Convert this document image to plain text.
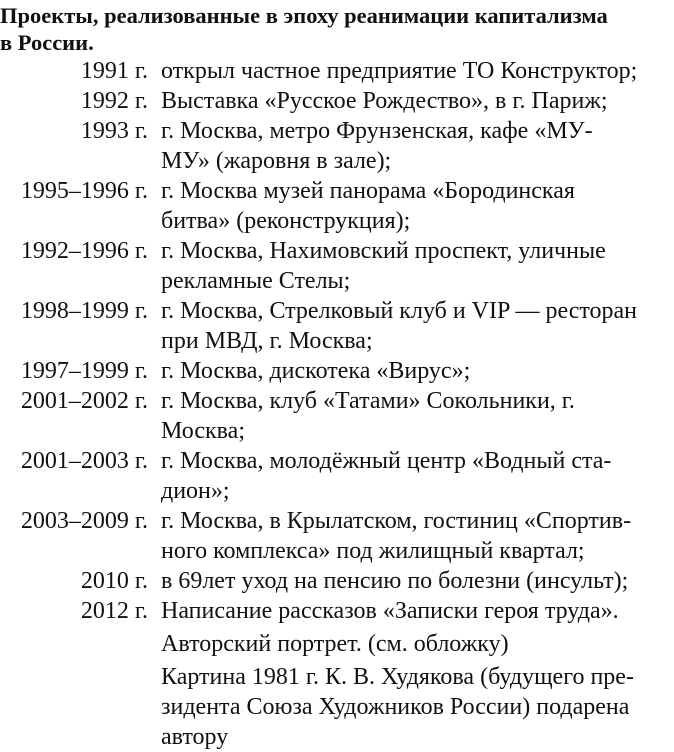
Проекты, реализованные в эпоху реанимации капитализма
в России.
1991 г. открыл частное предприятие ТО Конструктор;
1992 г. Выставка «Русское Рождество», в г. Париж;
1993 г. г. Москва, метро Фрунзенская, кафе «МУ-
МУ» (жаровня в зале);
1995–1996 г. г. Москва музей панорама «Бородинская
битва» (реконструкция);
1992–1996 г. г. Москва, Нахимовский проспект, уличные
рекламные Стелы;
1998–1999 г. г. Москва, Стрелковый клуб и VIP — ресторан
при МВД, г. Москва;
1997–1999 г. г. Москва, дискотека «Вирус»;
2001–2002 г. г. Москва, клуб «Татами» Сокольники, г.
Москва;
2001–2003 г. г. Москва, молодёжный центр «Водный ста-
дион»;
2003–2009 г. г. Москва, в Крылатском, гостиниц «Спортив-
ного комплекса» под жилищный квартал;
2010 г. в 69лет уход на пенсию по болезни (инсульт);
2012 г. Написание рассказов «Записки героя труда».
Авторский портрет. (см. обложку)
Картина 1981 г. К. В. Худякова (будущего пре-
зидента Союза Художников России) подарена
автору
